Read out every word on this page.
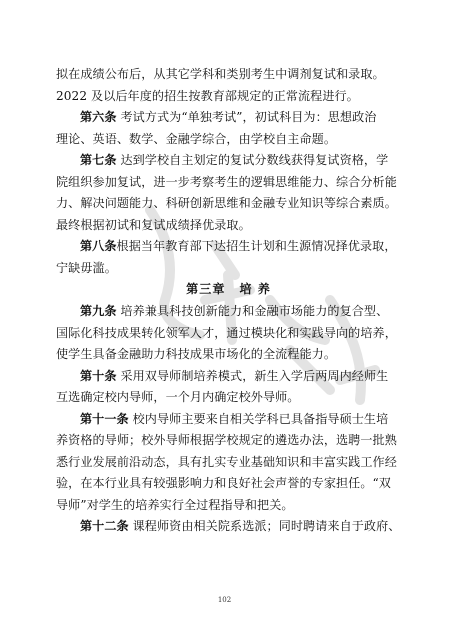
拟在成绩公布后，从其它学科和类别考生中调剂复试和录取。
2022 及以后年度的招生按教育部规定的正常流程进行。
第六条 考试方式为“单独考试”，初试科目为：思想政治
理论、英语、数学、金融学综合，由学校自主命题。
第七条 达到学校自主划定的复试分数线获得复试资格，学
院组织参加复试，进一步考察考生的逻辑思维能力、综合分析能
力、解决问题能力、科研创新思维和金融专业知识等综合素质。
最终根据初试和复试成绩择优录取。
第八条根据当年教育部下达招生计划和生源情况择优录取，
宁缺毋滥。
第三章 培 养
第九条 培养兼具科技创新能力和金融市场能力的复合型、
国际化科技成果转化领军人才，通过模块化和实践导向的培养，
使学生具备金融助力科技成果市场化的全流程能力。
第十条 采用双导师制培养模式，新生入学后两周内经师生
互选确定校内导师，一个月内确定校外导师。
第十一条 校内导师主要来自相关学科已具备指导硕士生培
养资格的导师；校外导师根据学校规定的遴选办法，选聘一批熟
悉行业发展前沿动态，具有扎实专业基础知识和丰富实践工作经
验，在本行业具有较强影响力和良好社会声誉的专家担任。“双
导师”对学生的培养实行全过程指导和把关。
第十二条 课程师资由相关院系选派；同时聘请来自于政府、
102
